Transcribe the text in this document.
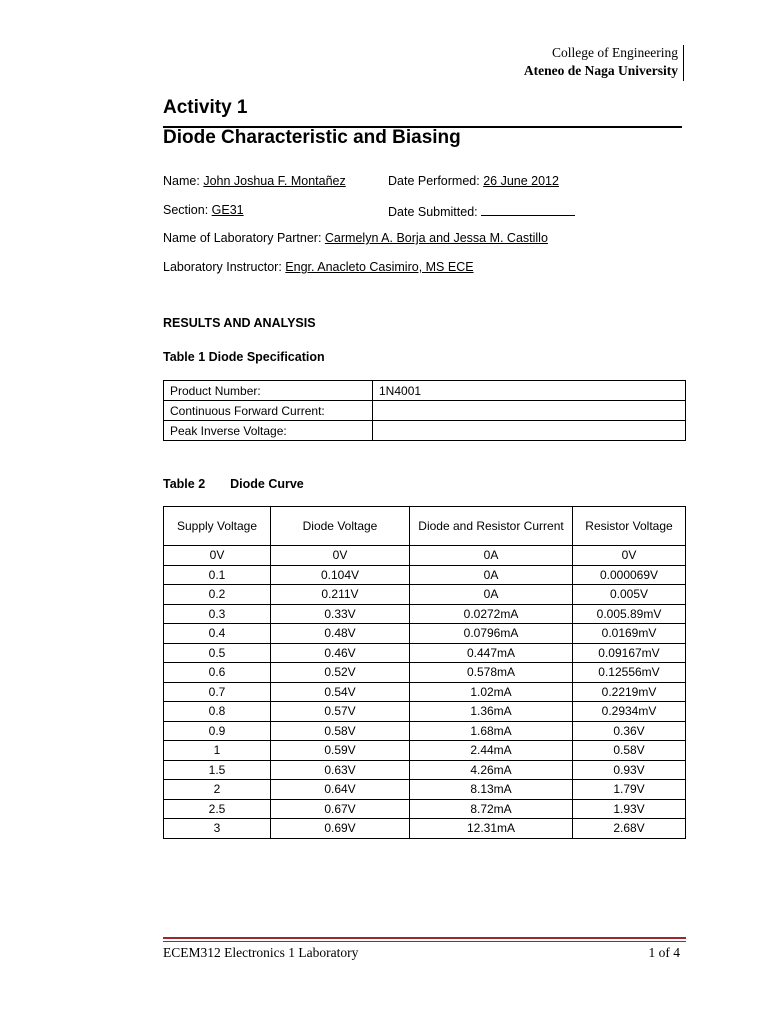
College of Engineering
Ateneo de Naga University
Activity 1
Diode Characteristic and Biasing
Name: John Joshua F. Montañez	Date Performed: 26 June 2012
Section: GE31	Date Submitted:
Name of Laboratory Partner: Carmelyn A. Borja and Jessa M. Castillo
Laboratory Instructor: Engr. Anacleto Casimiro, MS ECE
RESULTS AND ANALYSIS
Table 1 Diode Specification
Product Number:	1N4001
Continuous Forward Current:	
Peak Inverse Voltage:	
Table 2 Diode Curve
Supply Voltage	Diode Voltage	Diode and Resistor Current	Resistor Voltage
0V	0V	0A	0V
0.1	0.104V	0A	0.000069V
0.2	0.211V	0A	0.005V
0.3	0.33V	0.0272mA	0.005.89mV
0.4	0.48V	0.0796mA	0.0169mV
0.5	0.46V	0.447mA	0.09167mV
0.6	0.52V	0.578mA	0.12556mV
0.7	0.54V	1.02mA	0.2219mV
0.8	0.57V	1.36mA	0.2934mV
0.9	0.58V	1.68mA	0.36V
1	0.59V	2.44mA	0.58V
1.5	0.63V	4.26mA	0.93V
2	0.64V	8.13mA	1.79V
2.5	0.67V	8.72mA	1.93V
3	0.69V	12.31mA	2.68V
ECEM312 Electronics 1 Laboratory	1 of 4
